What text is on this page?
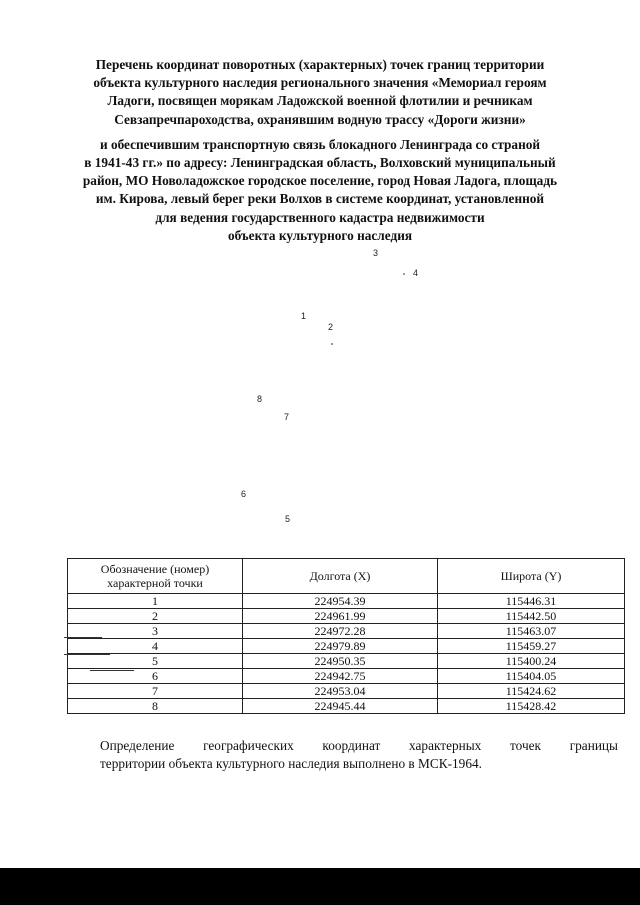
Перечень координат поворотных (характерных) точек границ территории
объекта культурного наследия регионального значения «Мемориал героям
Ладоги, посвящен морякам Ладожской военной флотилии и речникам
Севзапречпароходства, охранявшим водную трассу «Дороги жизни»
и обеспечившим транспортную связь блокадного Ленинграда со страной
в 1941-43 гг.» по адресу: Ленинградская область, Волховский муниципальный
район, МО Новоладожское городское поселение, город Новая Ладога, площадь
им. Кирова, левый берег реки Волхов в системе координат, установленной
для ведения государственного кадастра недвижимости
объекта культурного наследия
3
4
1
2
8
7
6
5
Обозначение (номер) характерной точки	Долгота (X)	Широта (Y)
1	224954.39	115446.31
2	224961.99	115442.50
3	224972.28	115463.07
4	224979.89	115459.27
5	224950.35	115400.24
6	224942.75	115404.05
7	224953.04	115424.62
8	224945.44	115428.42
Определение географических координат характерных точек границы
территории объекта культурного наследия выполнено в МСК-1964.
